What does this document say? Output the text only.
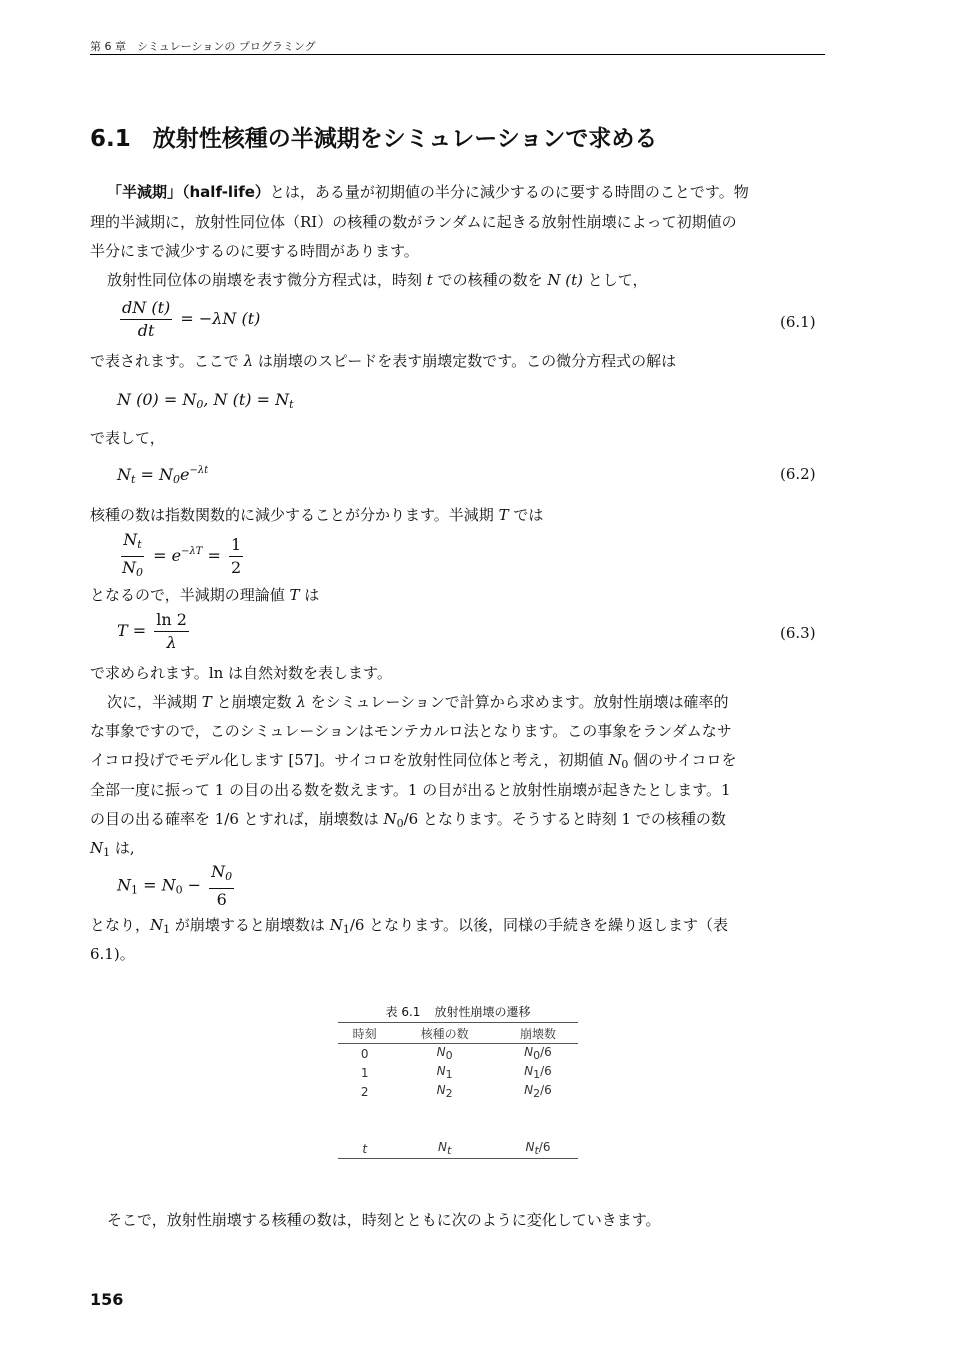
第 6 章　シミュレーションの プログラミング
6.1 放射性核種の半減期をシミュレーションで求める
「半減期」（half-life）とは，ある量が初期値の半分に減少するのに要する時間のことです。物
理的半減期に，放射性同位体（RI）の核種の数がランダムに起きる放射性崩壊によって初期値の
半分にまで減少するのに要する時間があります。
放射性同位体の崩壊を表す微分方程式は，時刻 t での核種の数を N (t) として，
$\frac{dN (t)}{dt} = -\lambda N$ (t)	(6.1)
で表されます。ここで λ は崩壊のスピードを表す崩壊定数です。この微分方程式の解は
N $(0) = N_0$, N $(t) = N_t$
で表して，
$N_t = N_0e^{-\lambda t}$	(6.2)
核種の数は指数関数的に減少することが分かります。半減期 T では
$\frac{N_t}{N_0} = e^{-\lambda T} = \frac{1}{2}$
となるので，半減期の理論値 T は
$T = \frac{\ln 2}{\lambda}$	(6.3)
で求められます。ln は自然対数を表します。
次に，半減期 T と崩壊定数 λ をシミュレーションで計算から求めます。放射性崩壊は確率的
な事象ですので，このシミュレーションはモンテカルロ法となります。この事象をランダムなサ
イコロ投げでモデル化します [57]。サイコロを放射性同位体と考え，初期値 $N_0$ 個のサイコロを
全部一度に振って 1 の目の出る数を数えます。1 の目が出ると放射性崩壊が起きたとします。1
の目の出る確率を 1/6 とすれば，崩壊数は $N_0/6$ となります。そうすると時刻 1 での核種の数
$N_1$ は,
$N_1 = N_0 - \frac{N_0}{6}$
となり，$N_1$ が崩壊すると崩壊数は $N_1/6$ となります。以後，同様の手続きを繰り返します（表
6.1)。
表 6.1 放射性崩壊の遷移
時刻	核種の数	崩壊数
0	$N_0$	$N_0/6$
1	$N_1$	$N_1/6$
2	$N_2$	$N_2/6$

t	$N_t$	$N_t/6$
そこで，放射性崩壊する核種の数は，時刻とともに次のように変化していきます。
156
